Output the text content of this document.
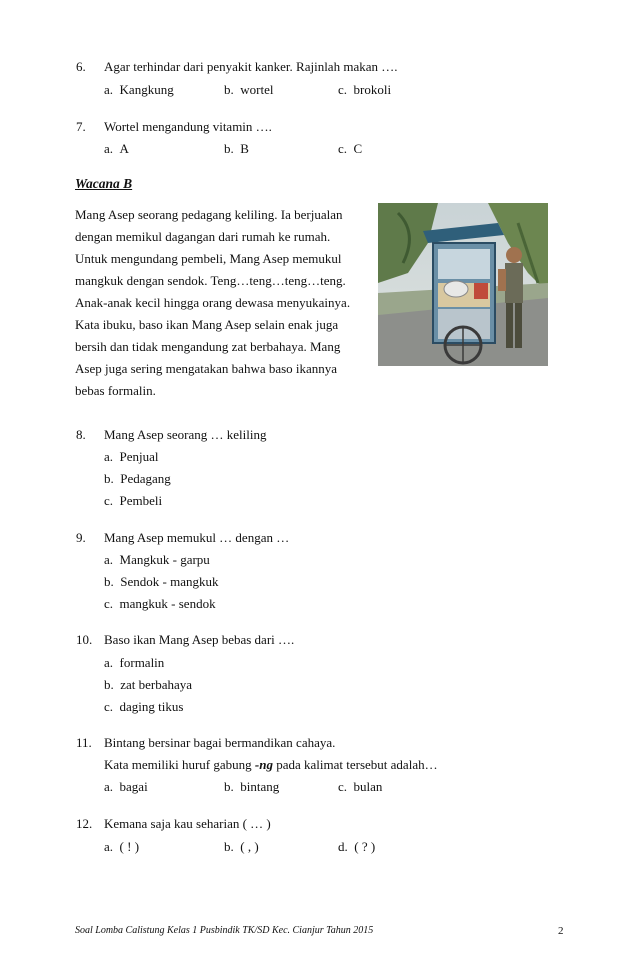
6. Agar terhindar dari penyakit kanker. Rajinlah makan ….
a. Kangkung	b. wortel	c. brokoli
7. Wortel mengandung vitamin ….
a. A	b. B	c. C
Wacana B
Mang Asep seorang pedagang keliling. Ia berjualan
dengan memikul dagangan dari rumah ke rumah.
Untuk mengundang pembeli, Mang Asep memukul
mangkuk dengan sendok. Teng…teng…teng…teng.
Anak-anak kecil hingga orang dewasa menyukainya.
Kata ibuku, baso ikan Mang Asep selain enak juga
bersih dan tidak mengandung zat berbahaya. Mang
Asep juga sering mengatakan bahwa baso ikannya
bebas formalin.
8. Mang Asep seorang … keliling
a. Penjual
b. Pedagang
c. Pembeli
9. Mang Asep memukul … dengan …
a. Mangkuk - garpu
b. Sendok - mangkuk
c. mangkuk - sendok
10. Baso ikan Mang Asep bebas dari ….
a. formalin
b. zat berbahaya
c. daging tikus
11. Bintang bersinar bagai bermandikan cahaya.
Kata memiliki huruf gabung -ng pada kalimat tersebut adalah…
a. bagai	b. bintang	c. bulan
12. Kemana saja kau seharian ( … )
a. ( ! )	b. ( , )	d. ( ? )
Soal Lomba Calistung Kelas 1 Pusbindik TK/SD Kec. Cianjur Tahun 2015	2
